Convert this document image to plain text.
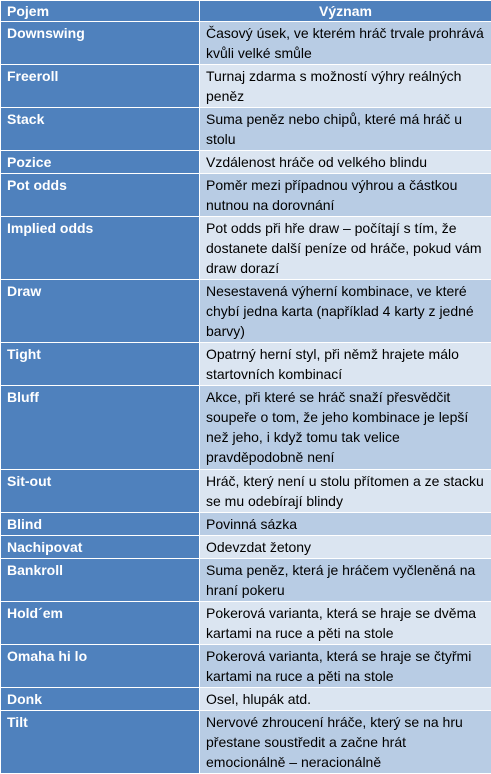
Pojem	Význam
Downswing	Časový úsek, ve kterém hráč trvale prohrává kvůli velké smůle
Freeroll	Turnaj zdarma s možností výhry reálných peněz
Stack	Suma peněz nebo chipů, které má hráč u stolu
Pozice	Vzdálenost hráče od velkého blindu
Pot odds	Poměr mezi případnou výhrou a částkou nutnou na dorovnání
Implied odds	Pot odds při hře draw – počítají s tím, že dostanete další peníze od hráče, pokud vám draw dorazí
Draw	Nesestavená výherní kombinace, ve které chybí jedna karta (například 4 karty z jedné barvy)
Tight	Opatrný herní styl, při němž hrajete málo startovních kombinací
Bluff	Akce, při které se hráč snaží přesvědčit soupeře o tom, že jeho kombinace je lepší než jeho, i když tomu tak velice pravděpodobně není
Sit-out	Hráč, který není u stolu přítomen a ze stacku se mu odebírají blindy
Blind	Povinná sázka
Nachipovat	Odevzdat žetony
Bankroll	Suma peněz, která je hráčem vyčleněná na hraní pokeru
Hold´em	Pokerová varianta, která se hraje se dvěma kartami na ruce a pěti na stole
Omaha hi lo	Pokerová varianta, která se hraje se čtyřmi kartami na ruce a pěti na stole
Donk	Osel, hlupák atd.
Tilt	Nervové zhroucení hráče, který se na hru přestane soustředit a začne hrát emocionálně – neracionálně
